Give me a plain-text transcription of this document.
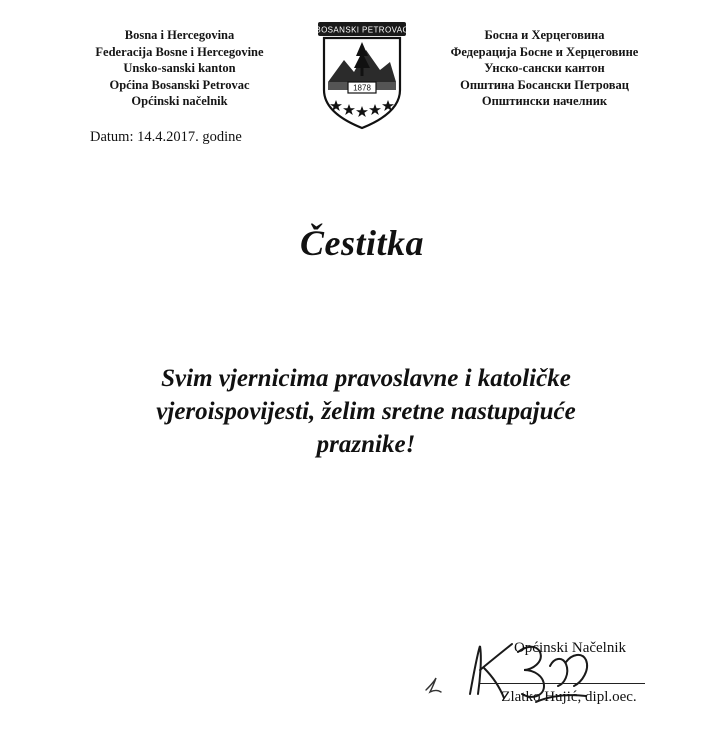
Bosna i Hercegovina
Federacija Bosne i Hercegovine
Unsko-sanski kanton
Općina Bosanski Petrovac
Općinski načelnik
BOSANSKI PETROVAC
1878
Босна и Херцеговина
Федерација Босне и Херцеговине
Унско-сански кантон
Општина Босански Петровац
Општински начелник
Datum: 14.4.2017. godine
Čestitka
Svim vjernicima pravoslavne i katoličke
vjeroispovijesti, želim sretne nastupajuće
praznike!
Općinski Načelnik
Zlatko Hujić, dipl.oec.
